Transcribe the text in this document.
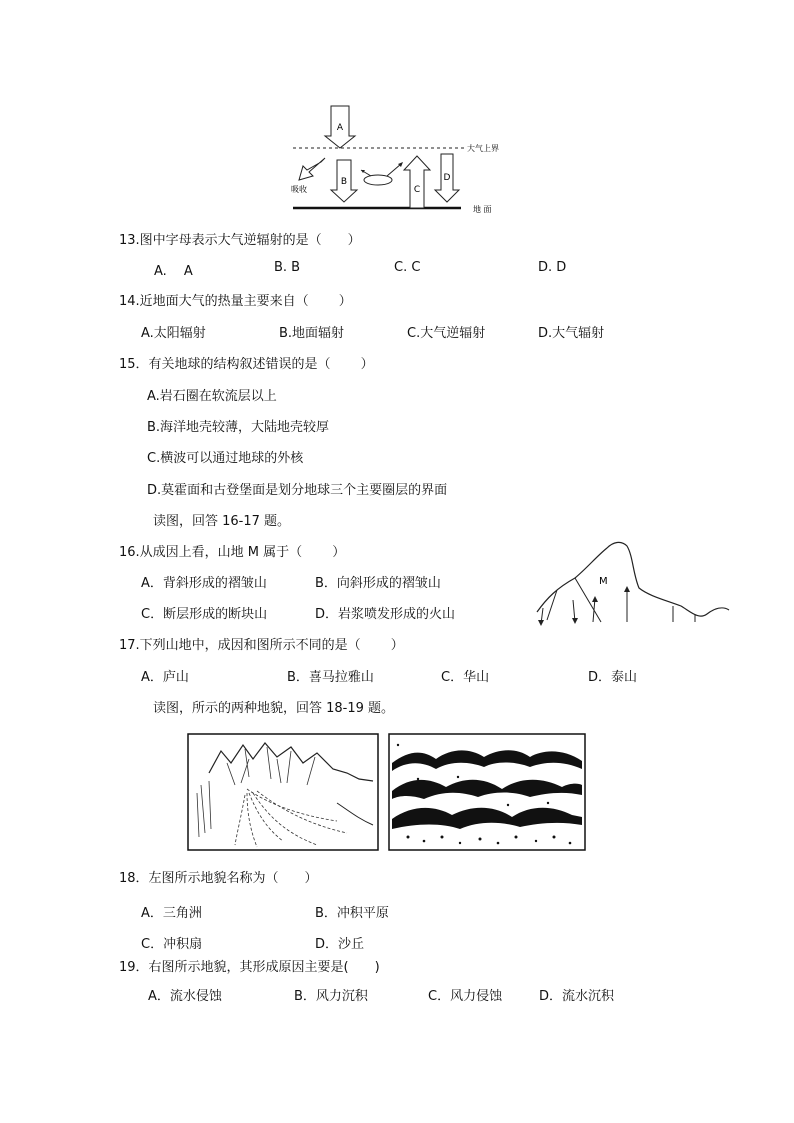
A
B
吸收	C
D
大气上界
地 面
13.图中字母表示大气逆辐射的是（　　）
A.　 A	B. B	C. C	D. D
14.近地面大气的热量主要来自（　　 ）
A.太阳辐射	B.地面辐射	C.大气逆辐射	D.大气辐射
15．有关地球的结构叙述错误的是（　　 ）
A.岩石圈在软流层以上
B.海洋地壳较薄，大陆地壳较厚
C.横波可以通过地球的外核
D.莫霍面和古登堡面是划分地球三个主要圈层的界面
读图，回答 16-17 题。
16.从成因上看，山地 M 属于（　　 ）
A．背斜形成的褶皱山	B．向斜形成的褶皱山
C．断层形成的断块山	D．岩浆喷发形成的火山
M
17.下列山地中，成因和图所示不同的是（　　 ）
A．庐山	B．喜马拉雅山	C．华山	D．泰山
读图，所示的两种地貌，回答 18-19 题。
18．左图所示地貌名称为（　　）
A．三角洲	B．冲积平原
C．冲积扇	D．沙丘
19．右图所示地貌，其形成原因主要是(　　)
A．流水侵蚀	B．风力沉积	C．风力侵蚀	D．流水沉积
